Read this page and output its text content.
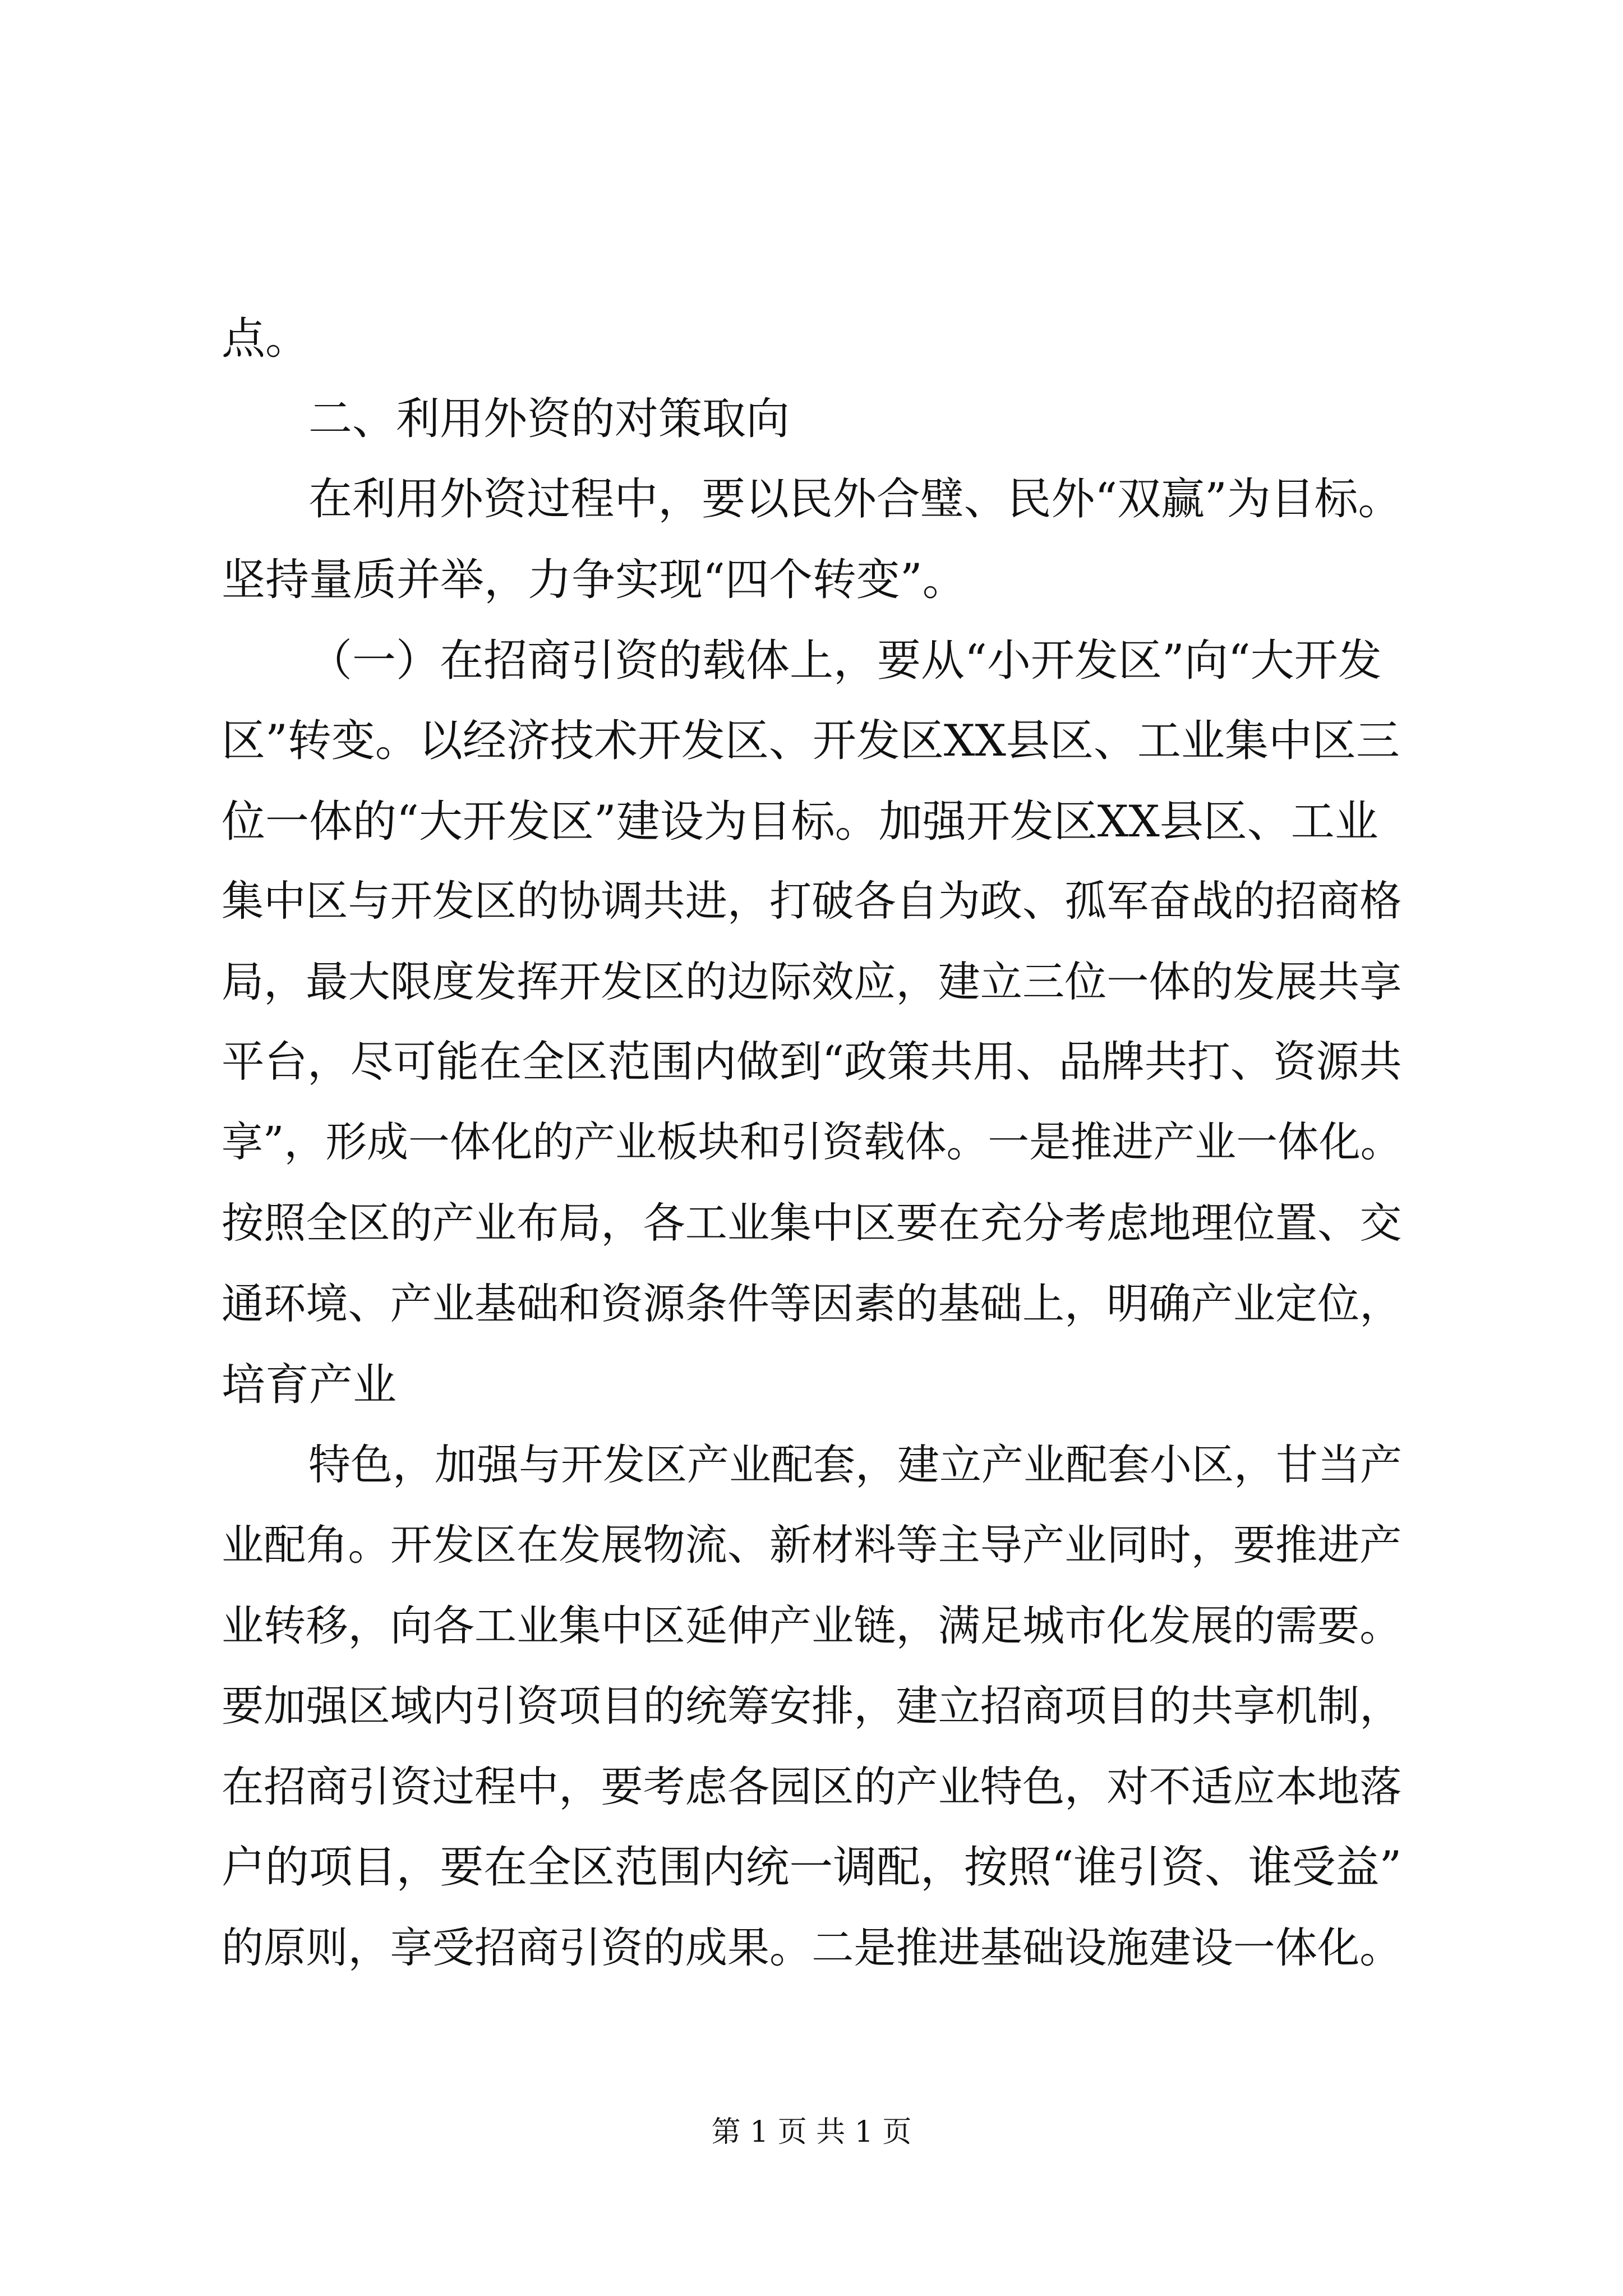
点。
二、利用外资的对策取向
在利用外资过程中，要以民外合璧、民外“双赢”为目标。
坚持量质并举，力争实现“四个转变”。
（一）在招商引资的载体上，要从“小开发区”向“大开发
区”转变。以经济技术开发区、开发区XX县区、工业集中区三
位一体的“大开发区”建设为目标。加强开发区XX县区、工业
集中区与开发区的协调共进，打破各自为政、孤军奋战的招商格
局，最大限度发挥开发区的边际效应，建立三位一体的发展共享
平台，尽可能在全区范围内做到“政策共用、品牌共打、资源共
享”，形成一体化的产业板块和引资载体。一是推进产业一体化。
按照全区的产业布局，各工业集中区要在充分考虑地理位置、交
通环境、产业基础和资源条件等因素的基础上，明确产业定位，
培育产业
特色，加强与开发区产业配套，建立产业配套小区，甘当产
业配角。开发区在发展物流、新材料等主导产业同时，要推进产
业转移，向各工业集中区延伸产业链，满足城市化发展的需要。
要加强区域内引资项目的统筹安排，建立招商项目的共享机制，
在招商引资过程中，要考虑各园区的产业特色，对不适应本地落
户的项目，要在全区范围内统一调配，按照“谁引资、谁受益”
的原则，享受招商引资的成果。二是推进基础设施建设一体化。
第 1 页 共 1 页
